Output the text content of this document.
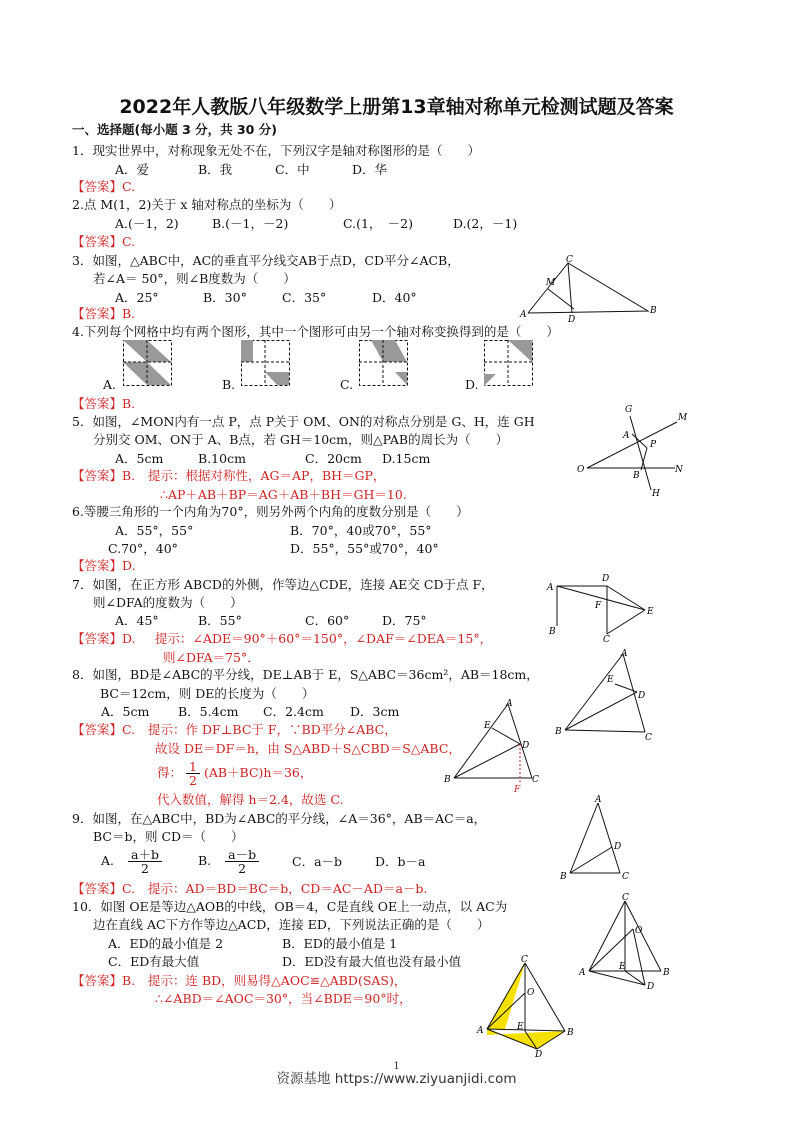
2022年人教版八年级数学上册第13章轴对称单元检测试题及答案
一、选择题(每小题 3 分，共 30 分)
1．现实世界中，对称现象无处不在，下列汉字是轴对称图形的是（　　）
A．爱	B．我	C．中	D．华
【答案】C.
2.点 M(1，2)关于 x 轴对称点的坐标为（　　）
A.(－1，2)	B.(－1，－2)	C.(1，　－2)	D.(2，－1)
【答案】C.
3．如图，△ABC中，AC的垂直平分线交AB于点D，CD平分∠ACB，
若∠A＝ 50°，则∠B度数为（　　）
A．25°	B．30°	C．35°	D．40°
【答案】B.	A
C
B
D
M
4.下列每个网格中均有两个图形，其中一个图形可由另一个轴对称变换得到的是（　　）
A.	B.	C.	D.
【答案】B.
5．如图，∠MON内有一点 P，点 P关于 OM、ON的对称点分别是 G、H，连 GH
分别交 OM、ON于 A、B点，若 GH＝10cm，则△PAB的周长为（　　）
A．5cm	B.10cm	C．20cm D.15cm
【答案】B. 提示：根据对称性，AG＝AP，BH＝GP，
∴AP＋AB＋BP＝AG＋AB＋BH＝GH＝10.
G
M
A
P
O	N
B
H
6.等腰三角形的一个内角为70°，则另外两个内角的度数分别是（　　）
A．55°，55°	B．70°，40或70°，55°
C.70°，40°	D．55°，55°或70°，40°
【答案】D.
7．如图，在正方形 ABCD的外侧，作等边△CDE，连接 AE交 CD于点 F，
则∠DFA的度数为（　　）
A．45°	B．55°	C．60°	D．75°
【答案】D. 提示：∠ADE＝90°＋60°＝150°，∠DAF＝∠DEA＝15°，
则∠DFA＝75°．
A
D
F
E
B
C
8．如图，BD是∠ABC的平分线，DE⊥AB于 E，S△ABC＝36cm²，AB＝18cm，
BC＝12cm，则 DE的长度为（　　）
A．5cm B．5.4cm C．2.4cm D．3cm
【答案】C. 提示：作 DF⊥BC于 F，∵BD平分∠ABC，
故设 DE＝DF＝h，由 S△ABD＋S△CBD＝S△ABC，
得： $\frac{1}{2} (AB+BC)h=36$，
代入数值，解得 h＝2.4，故选 C.
A
E
D
B
C
A
E
D
B	C
F
9．如图，在△ABC中，BD为∠ABC的平分线，∠A＝36°，AB＝AC＝a，
BC＝b，则 CD＝（　　）
A. $\frac{a+b}{2}$	B. $\frac{a-b}{2}$	C．a－b	D．b－a
【答案】C. 提示：AD＝BD＝BC＝b，CD＝AC－AD＝a－b.
A
D
B	C
10．如图 OE是等边△AOB的中线，OB＝4，C是直线 OE上一动点，以 AC为
边在直线 AC下方作等边△ACD，连接 ED，下列说法正确的是（　　）
A．ED的最小值是 2	B．ED的最小值是 1
C．ED有最大值	D．ED没有最大值也没有最小值
【答案】B. 提示：连 BD，则易得△AOC≌△ABD(SAS)，
∴∠ABD＝∠AOC＝30°，当∠BDE＝90°时，
C
O
A
E
B
D
C
O
A	E
B
D
1
资源基地 https://www.ziyuanjidi.com
